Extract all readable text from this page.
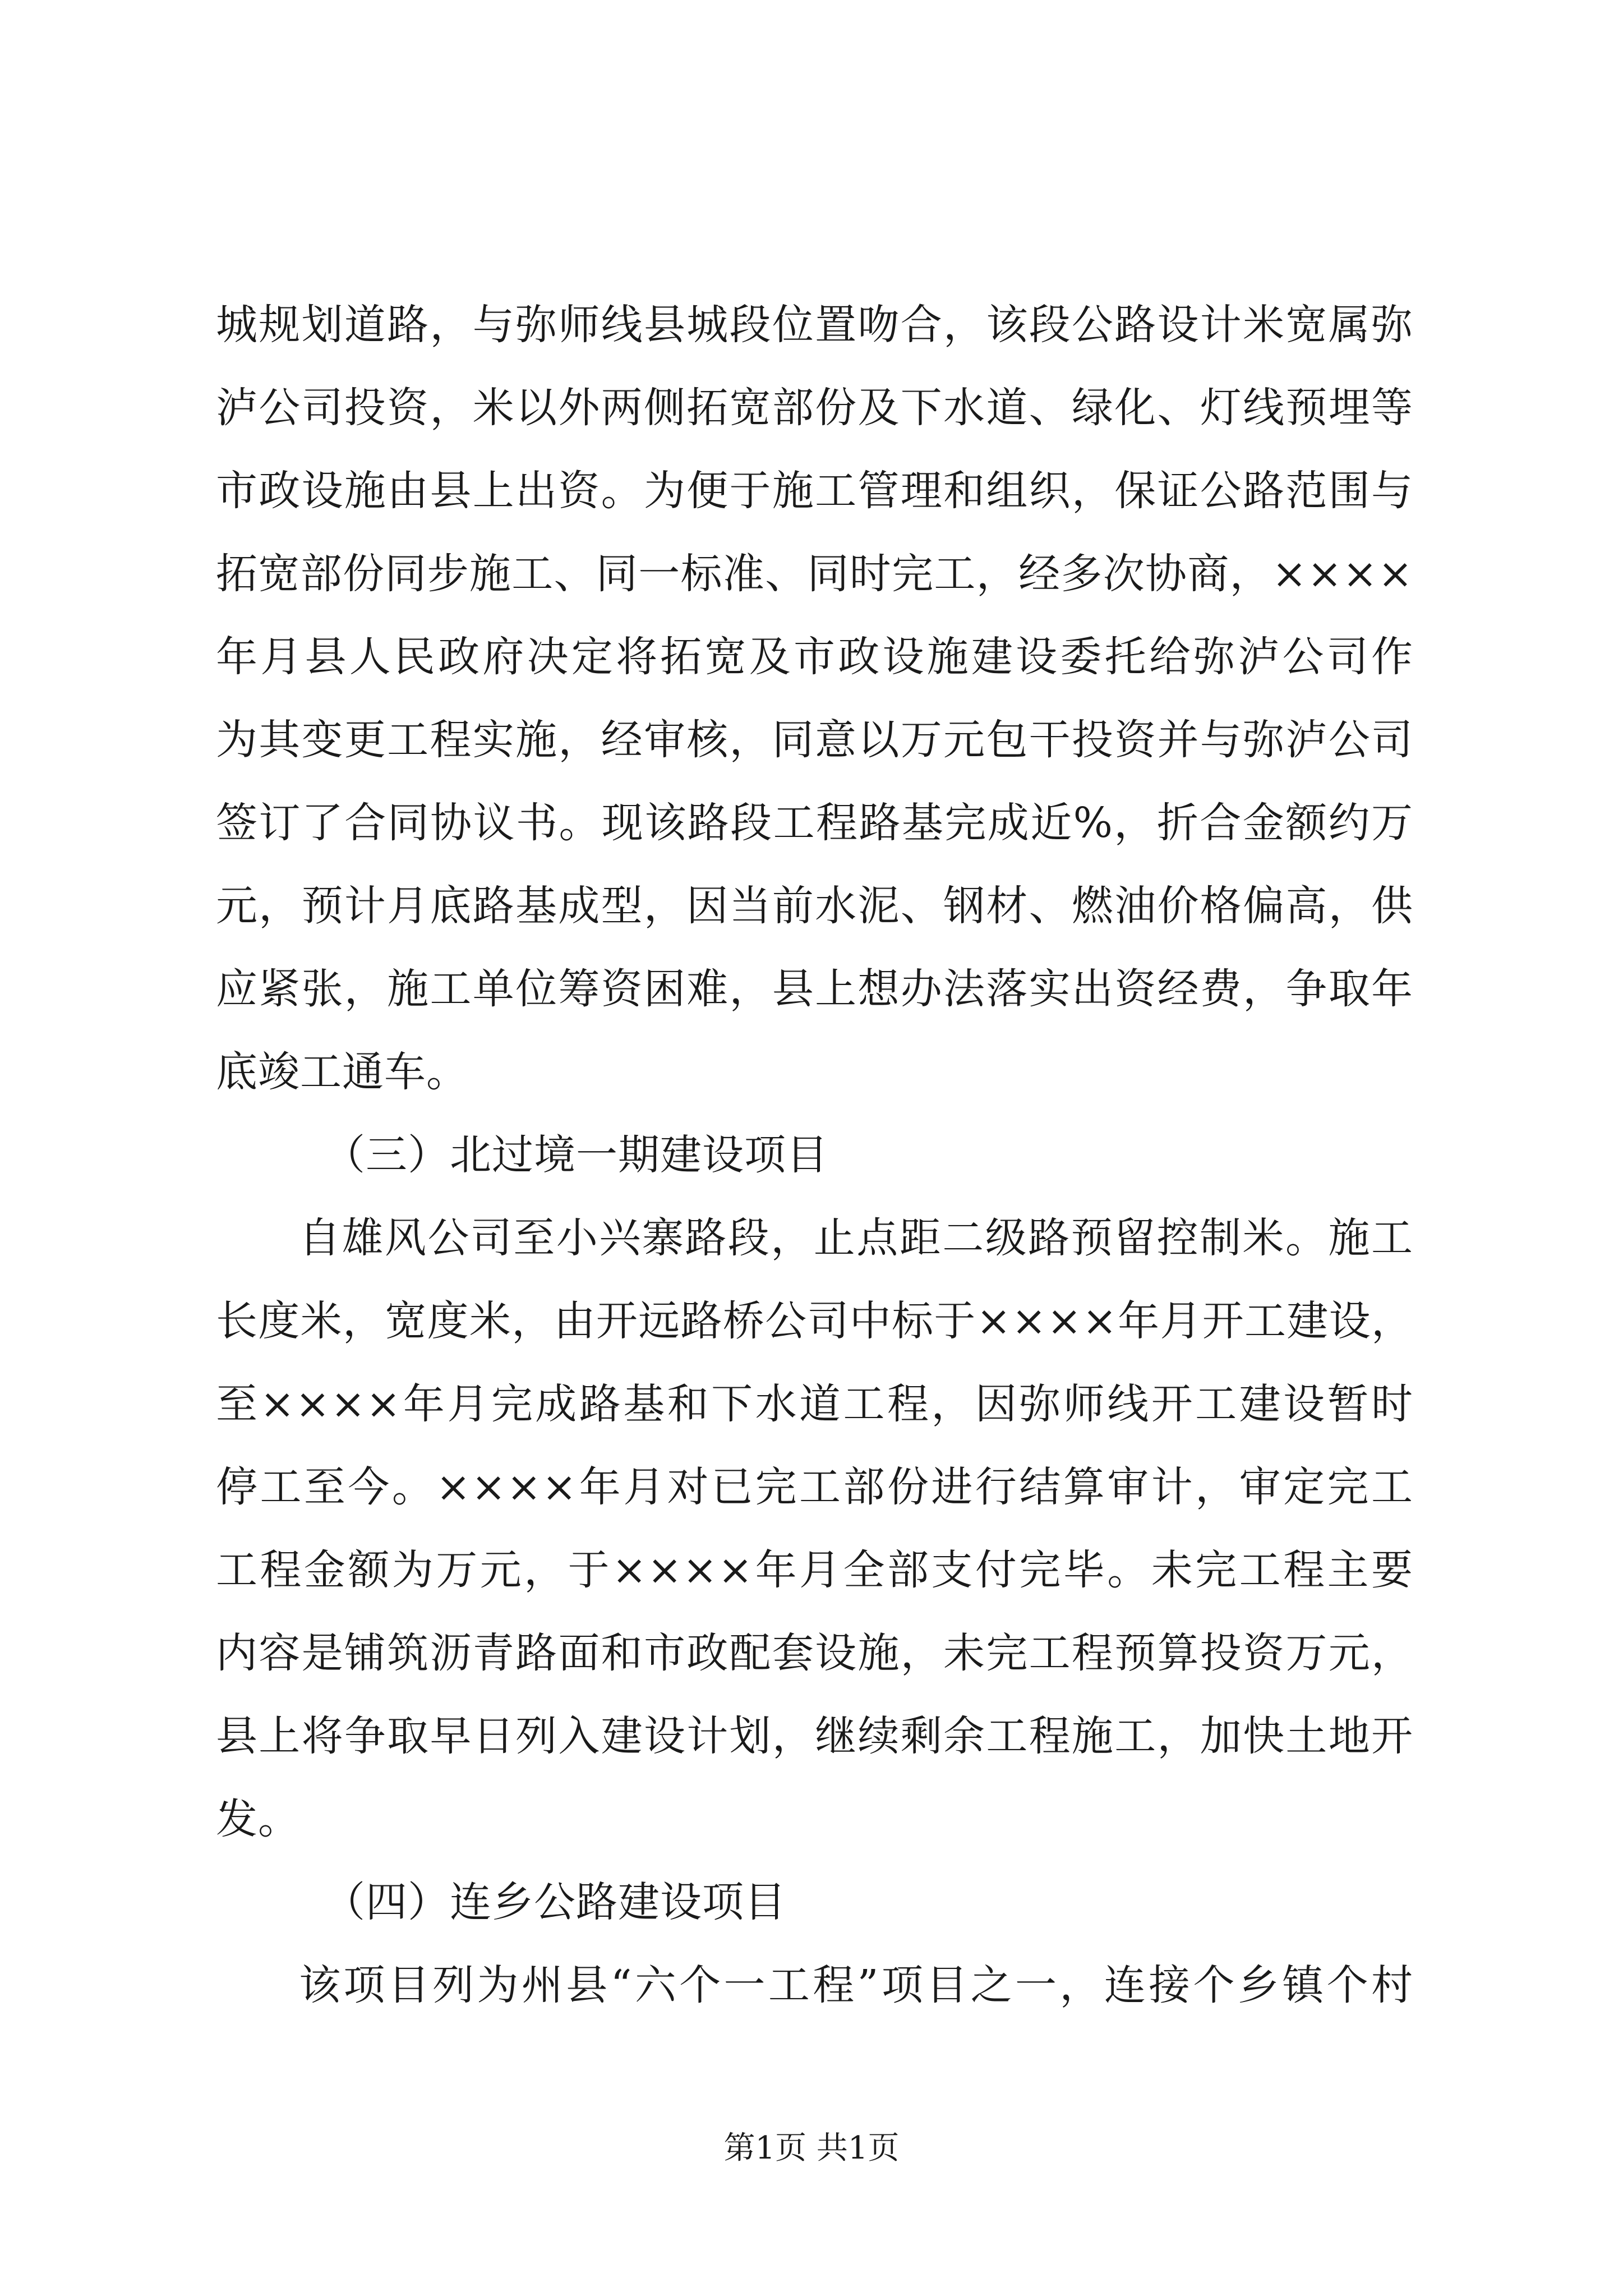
城规划道路，与弥师线县城段位置吻合，该段公路设计米宽属弥
泸公司投资，米以外两侧拓宽部份及下水道、绿化、灯线预埋等
市政设施由县上出资。为便于施工管理和组织，保证公路范围与
拓宽部份同步施工、同一标准、同时完工，经多次协商，××××
年月县人民政府决定将拓宽及市政设施建设委托给弥泸公司作
为其变更工程实施，经审核，同意以万元包干投资并与弥泸公司
签订了合同协议书。现该路段工程路基完成近%，折合金额约万
元，预计月底路基成型，因当前水泥、钢材、燃油价格偏高，供
应紧张，施工单位筹资困难，县上想办法落实出资经费，争取年
底竣工通车。
（三）北过境一期建设项目
自雄风公司至小兴寨路段，止点距二级路预留控制米。施工
长度米，宽度米，由开远路桥公司中标于××××年月开工建设，
至××××年月完成路基和下水道工程，因弥师线开工建设暂时
停工至今。××××年月对已完工部份进行结算审计，审定完工
工程金额为万元，于××××年月全部支付完毕。未完工程主要
内容是铺筑沥青路面和市政配套设施，未完工程预算投资万元，
县上将争取早日列入建设计划，继续剩余工程施工，加快土地开
发。
（四）连乡公路建设项目
该项目列为州县“六个一工程”项目之一，连接个乡镇个村
第1页 共1页
